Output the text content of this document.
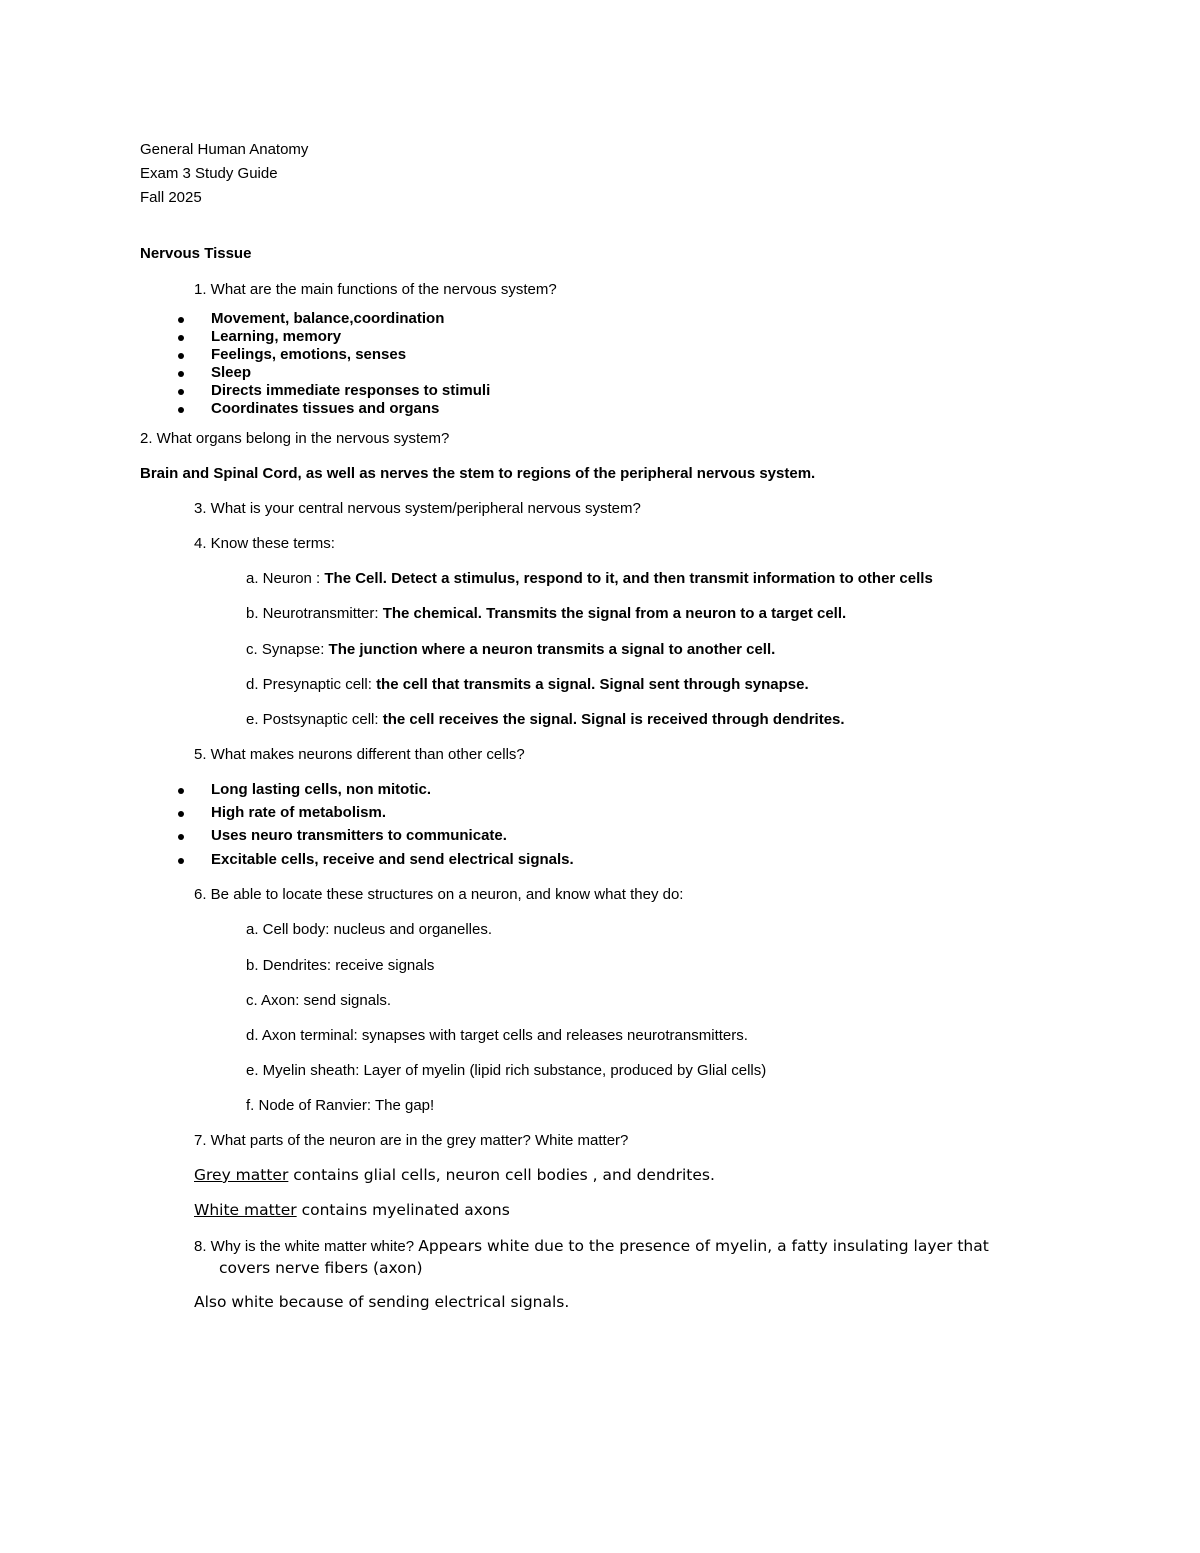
General Human Anatomy
Exam 3 Study Guide
Fall 2025
Nervous Tissue
1. What are the main functions of the nervous system?
Movement, balance,coordination
Learning, memory
Feelings, emotions, senses
Sleep
Directs immediate responses to stimuli
Coordinates tissues and organs
2. What organs belong in the nervous system?
Brain and Spinal Cord, as well as nerves the stem to regions of the peripheral nervous system.
3. What is your central nervous system/peripheral nervous system?
4. Know these terms:
a. Neuron : The Cell. Detect a stimulus, respond to it, and then transmit information to other cells
b. Neurotransmitter: The chemical. Transmits the signal from a neuron to a target cell.
c. Synapse: The junction where a neuron transmits a signal to another cell.
d. Presynaptic cell: the cell that transmits a signal. Signal sent through synapse.
e. Postsynaptic cell: the cell receives the signal. Signal is received through dendrites.
5. What makes neurons different than other cells?
Long lasting cells, non mitotic.
High rate of metabolism.
Uses neuro transmitters to communicate.
Excitable cells, receive and send electrical signals.
6. Be able to locate these structures on a neuron, and know what they do:
a. Cell body: nucleus and organelles.
b. Dendrites: receive signals
c. Axon: send signals.
d. Axon terminal: synapses with target cells and releases neurotransmitters.
e. Myelin sheath: Layer of myelin (lipid rich substance, produced by Glial cells)
f. Node of Ranvier: The gap!
7. What parts of the neuron are in the grey matter? White matter?
Grey matter contains glial cells, neuron cell bodies , and dendrites.
White matter contains myelinated axons
8. Why is the white matter white? Appears white due to the presence of myelin, a fatty insulating layer that
covers nerve fibers (axon)
Also white because of sending electrical signals.
